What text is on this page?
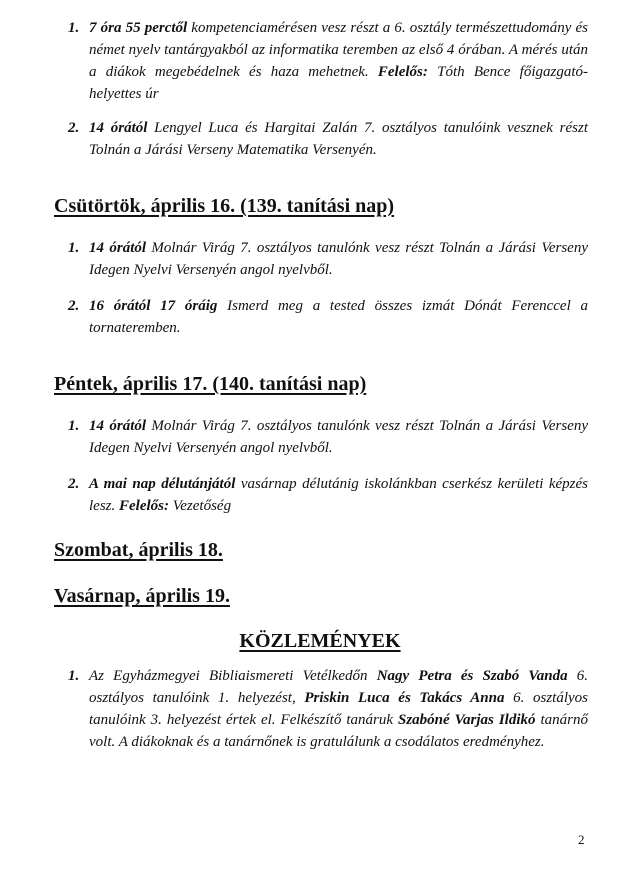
1. 7 óra 55 perctől kompetenciamérésen vesz részt a 6. osztály természettudomány és német nyelv tantárgyakból az informatika teremben az első 4 órában. A mérés után a diákok megebédelnek és haza mehetnek. Felelős: Tóth Bence főigazgató-helyettes úr
2. 14 órától Lengyel Luca és Hargitai Zalán 7. osztályos tanulóink vesznek részt Tolnán a Járási Verseny Matematika Versenyén.
Csütörtök, április 16. (139. tanítási nap)
1. 14 órától Molnár Virág 7. osztályos tanulónk vesz részt Tolnán a Járási Verseny Idegen Nyelvi Versenyén angol nyelvből.
2. 16 órától 17 óráig Ismerd meg a tested összes izmát Dónát Ferenccel a tornateremben.
Péntek, április 17. (140. tanítási nap)
1. 14 órától Molnár Virág 7. osztályos tanulónk vesz részt Tolnán a Járási Verseny Idegen Nyelvi Versenyén angol nyelvből.
2. A mai nap délutánjától vasárnap délutánig iskolánkban cserkész kerületi képzés lesz. Felelős: Vezetőség
Szombat, április 18.
Vasárnap, április 19.
KÖZLEMÉNYEK
1. Az Egyházmegyei Bibliaismereti Vetélkedőn Nagy Petra és Szabó Vanda 6. osztályos tanulóink 1. helyezést, Priskin Luca és Takács Anna 6. osztályos tanulóink 3. helyezést értek el. Felkészítő tanáruk Szabóné Varjas Ildikó tanárnő volt. A diákoknak és a tanárnőnek is gratulálunk a csodálatos eredményhez.
2
